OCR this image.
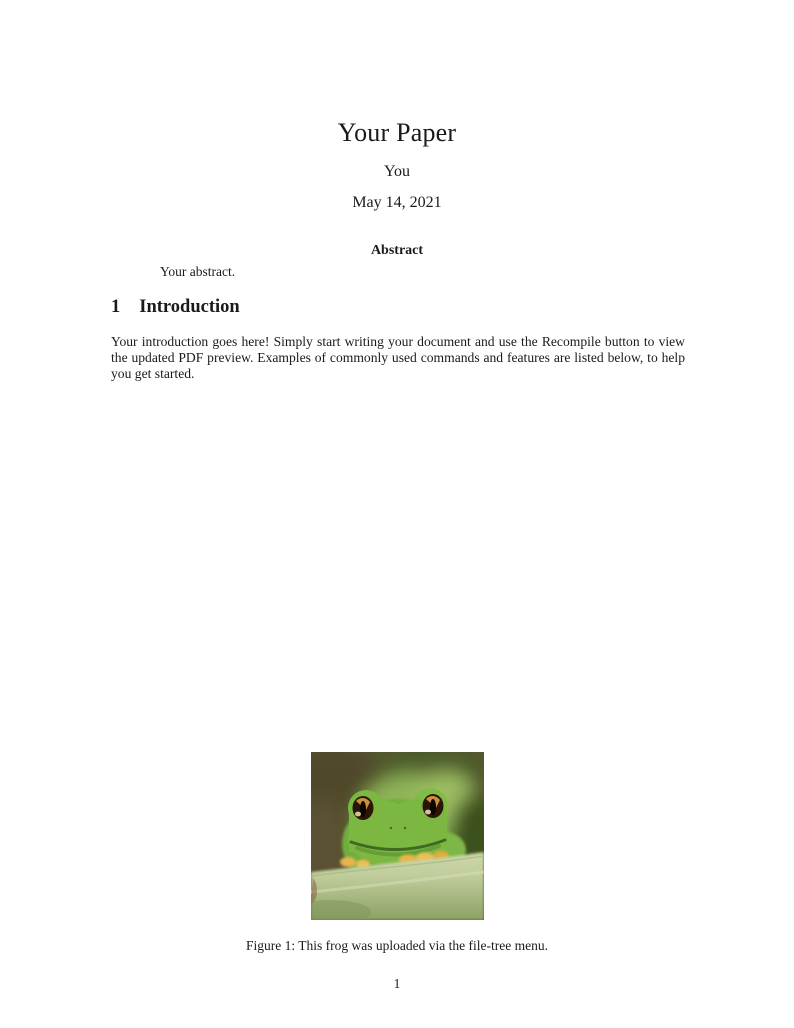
Your Paper
You
May 14, 2021
Abstract
Your abstract.
1 Introduction
Your introduction goes here! Simply start writing your document and use the Recompile button to view the updated PDF preview. Examples of commonly used commands and features are listed below, to help you get started.
Figure 1: This frog was uploaded via the file-tree menu.
1
